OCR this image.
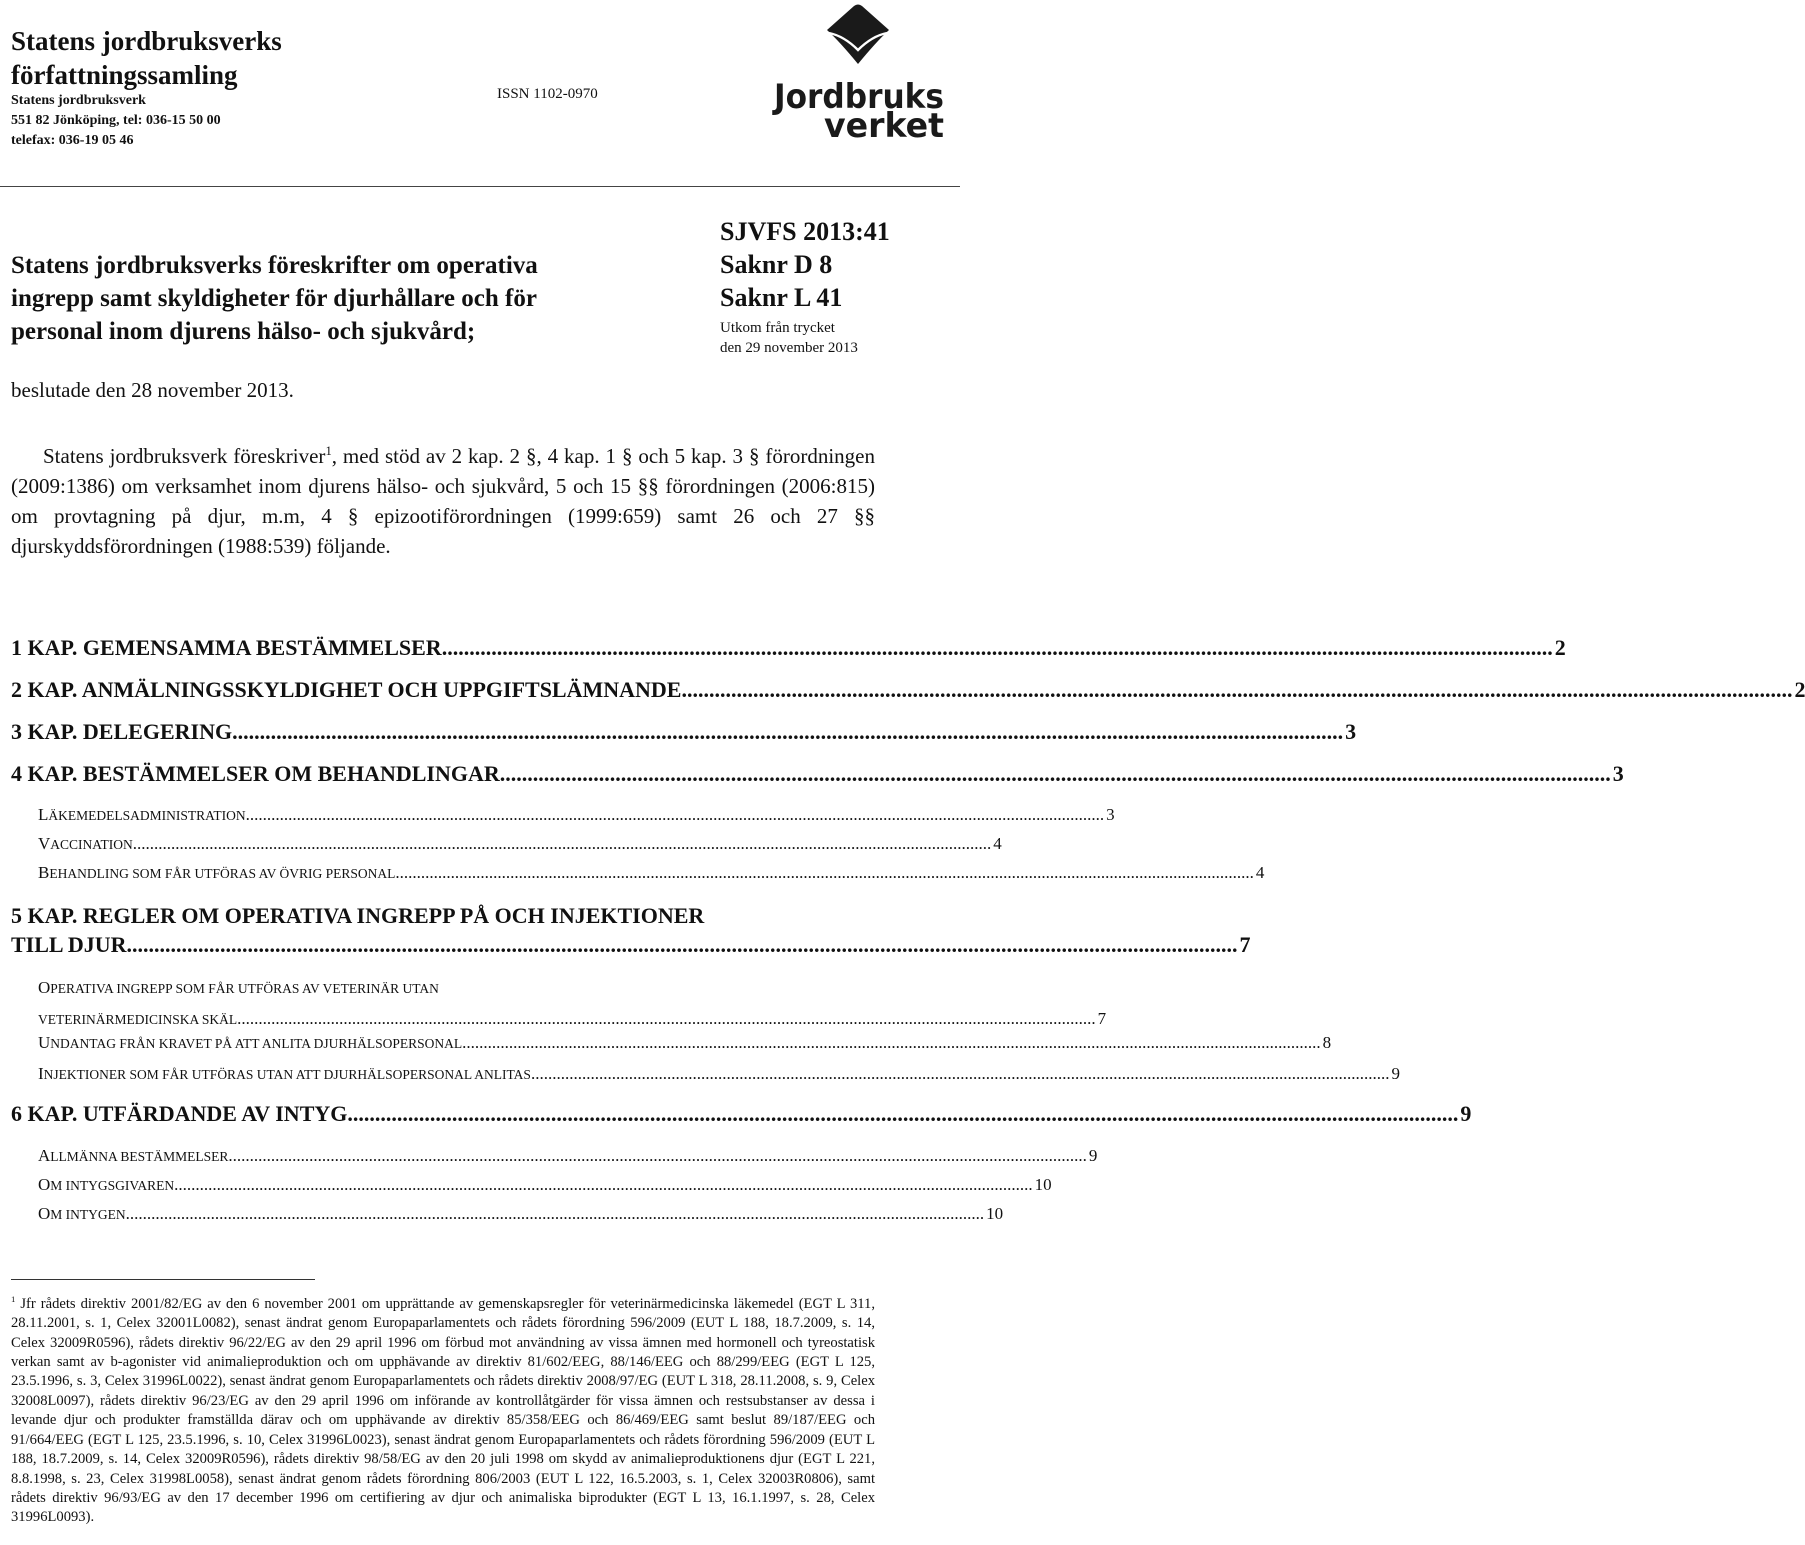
Statens jordbruksverks
författningssamling
Statens jordbruksverk
551 82 Jönköping, tel: 036-15 50 00
telefax: 036-19 05 46
ISSN 1102-0970	Jordbruks
verket
Statens jordbruksverks föreskrifter om operativa
ingrepp samt skyldigheter för djurhållare och för
personal inom djurens hälso- och sjukvård;
SJVFS 2013:41
Saknr D 8
Saknr L 41
Utkom från trycket
den 29 november 2013
beslutade den 28 november 2013.
Statens jordbruksverk föreskriver$^1$, med stöd av 2 kap. 2 §, 4 kap. 1 § och 5 kap. 3 § förordningen (2009:1386) om verksamhet inom djurens hälso- och sjukvård, 5 och 15 §§ förordningen (2006:815) om provtagning på djur, m.m, 4 § epizootiförordningen (1999:659) samt 26 och 27 §§ djurskyddsförordningen (1988:539) följande.
1 KAP. GEMENSAMMA BESTÄMMELSER .......................................................................................................................................................................................................... 2
2 KAP. ANMÄLNINGSSKYLDIGHET OCH UPPGIFTSLÄMNANDE .......................................................................................................................................................................................................... 2
3 KAP. DELEGERING .......................................................................................................................................................................................................... 3
4 KAP. BESTÄMMELSER OM BEHANDLINGAR .......................................................................................................................................................................................................... 3
LÄKEMEDELSADMINISTRATION .......................................................................................................................................................................................................... 3
VACCINATION .......................................................................................................................................................................................................... 4
BEHANDLING SOM FÅR UTFÖRAS AV ÖVRIG PERSONAL .......................................................................................................................................................................................................... 4
5 KAP. REGLER OM OPERATIVA INGREPP PÅ OCH INJEKTIONER
TILL DJUR .......................................................................................................................................................................................................... 7
OPERATIVA INGREPP SOM FÅR UTFÖRAS AV VETERINÄR UTAN
VETERINÄRMEDICINSKA SKÄL .......................................................................................................................................................................................................... 7
UNDANTAG FRÅN KRAVET PÅ ATT ANLITA DJURHÄLSOPERSONAL .......................................................................................................................................................................................................... 8
INJEKTIONER SOM FÅR UTFÖRAS UTAN ATT DJURHÄLSOPERSONAL ANLITAS .......................................................................................................................................................................................................... 9
6 KAP. UTFÄRDANDE AV INTYG .......................................................................................................................................................................................................... 9
ALLMÄNNA BESTÄMMELSER .......................................................................................................................................................................................................... 9
OM INTYGSGIVAREN .......................................................................................................................................................................................................... 10
OM INTYGEN .......................................................................................................................................................................................................... 10
$^1$ Jfr rådets direktiv 2001/82/EG av den 6 november 2001 om upprättande av gemenskapsregler för veterinärmedicinska läkemedel (EGT L 311, 28.11.2001, s. 1, Celex 32001L0082), senast ändrat genom Europaparlamentets och rådets förordning 596/2009 (EUT L 188, 18.7.2009, s. 14, Celex 32009R0596), rådets direktiv 96/22/EG av den 29 april 1996 om förbud mot användning av vissa ämnen med hormonell och tyreostatisk verkan samt av b-agonister vid animalieproduktion och om upphävande av direktiv 81/602/EEG, 88/146/EEG och 88/299/EEG (EGT L 125, 23.5.1996, s. 3, Celex 31996L0022), senast ändrat genom Europaparlamentets och rådets direktiv 2008/97/EG (EUT L 318, 28.11.2008, s. 9, Celex 32008L0097), rådets direktiv 96/23/EG av den 29 april 1996 om införande av kontrollåtgärder för vissa ämnen och restsubstanser av dessa i levande djur och produkter framställda därav och om upphävande av direktiv 85/358/EEG och 86/469/EEG samt beslut 89/187/EEG och 91/664/EEG (EGT L 125, 23.5.1996, s. 10, Celex 31996L0023), senast ändrat genom Europaparlamentets och rådets förordning 596/2009 (EUT L 188, 18.7.2009, s. 14, Celex 32009R0596), rådets direktiv 98/58/EG av den 20 juli 1998 om skydd av animalieproduktionens djur (EGT L 221, 8.8.1998, s. 23, Celex 31998L0058), senast ändrat genom rådets förordning 806/2003 (EUT L 122, 16.5.2003, s. 1, Celex 32003R0806), samt rådets direktiv 96/93/EG av den 17 december 1996 om certifiering av djur och animaliska biprodukter (EGT L 13, 16.1.1997, s. 28, Celex 31996L0093).
